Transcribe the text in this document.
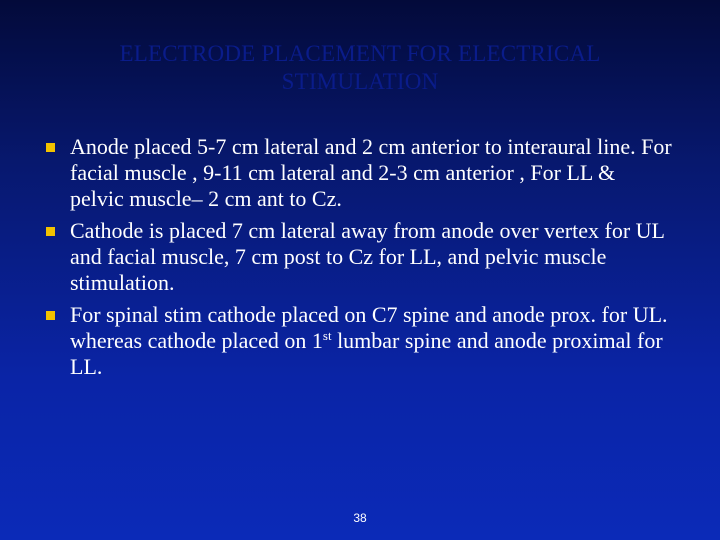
ELECTRODE PLACEMENT FOR ELECTRICAL STIMULATION
Anode placed 5-7 cm lateral and 2 cm anterior to interaural line. For facial muscle , 9-11 cm lateral and 2-3 cm anterior , For LL & pelvic muscle– 2 cm ant to Cz.
Cathode is placed 7 cm lateral away from anode over vertex for UL and facial muscle, 7 cm post to Cz for LL, and pelvic muscle stimulation.
For spinal stim cathode placed on C7 spine and anode prox. for UL. whereas cathode placed on 1st lumbar spine and anode proximal for LL.
38
